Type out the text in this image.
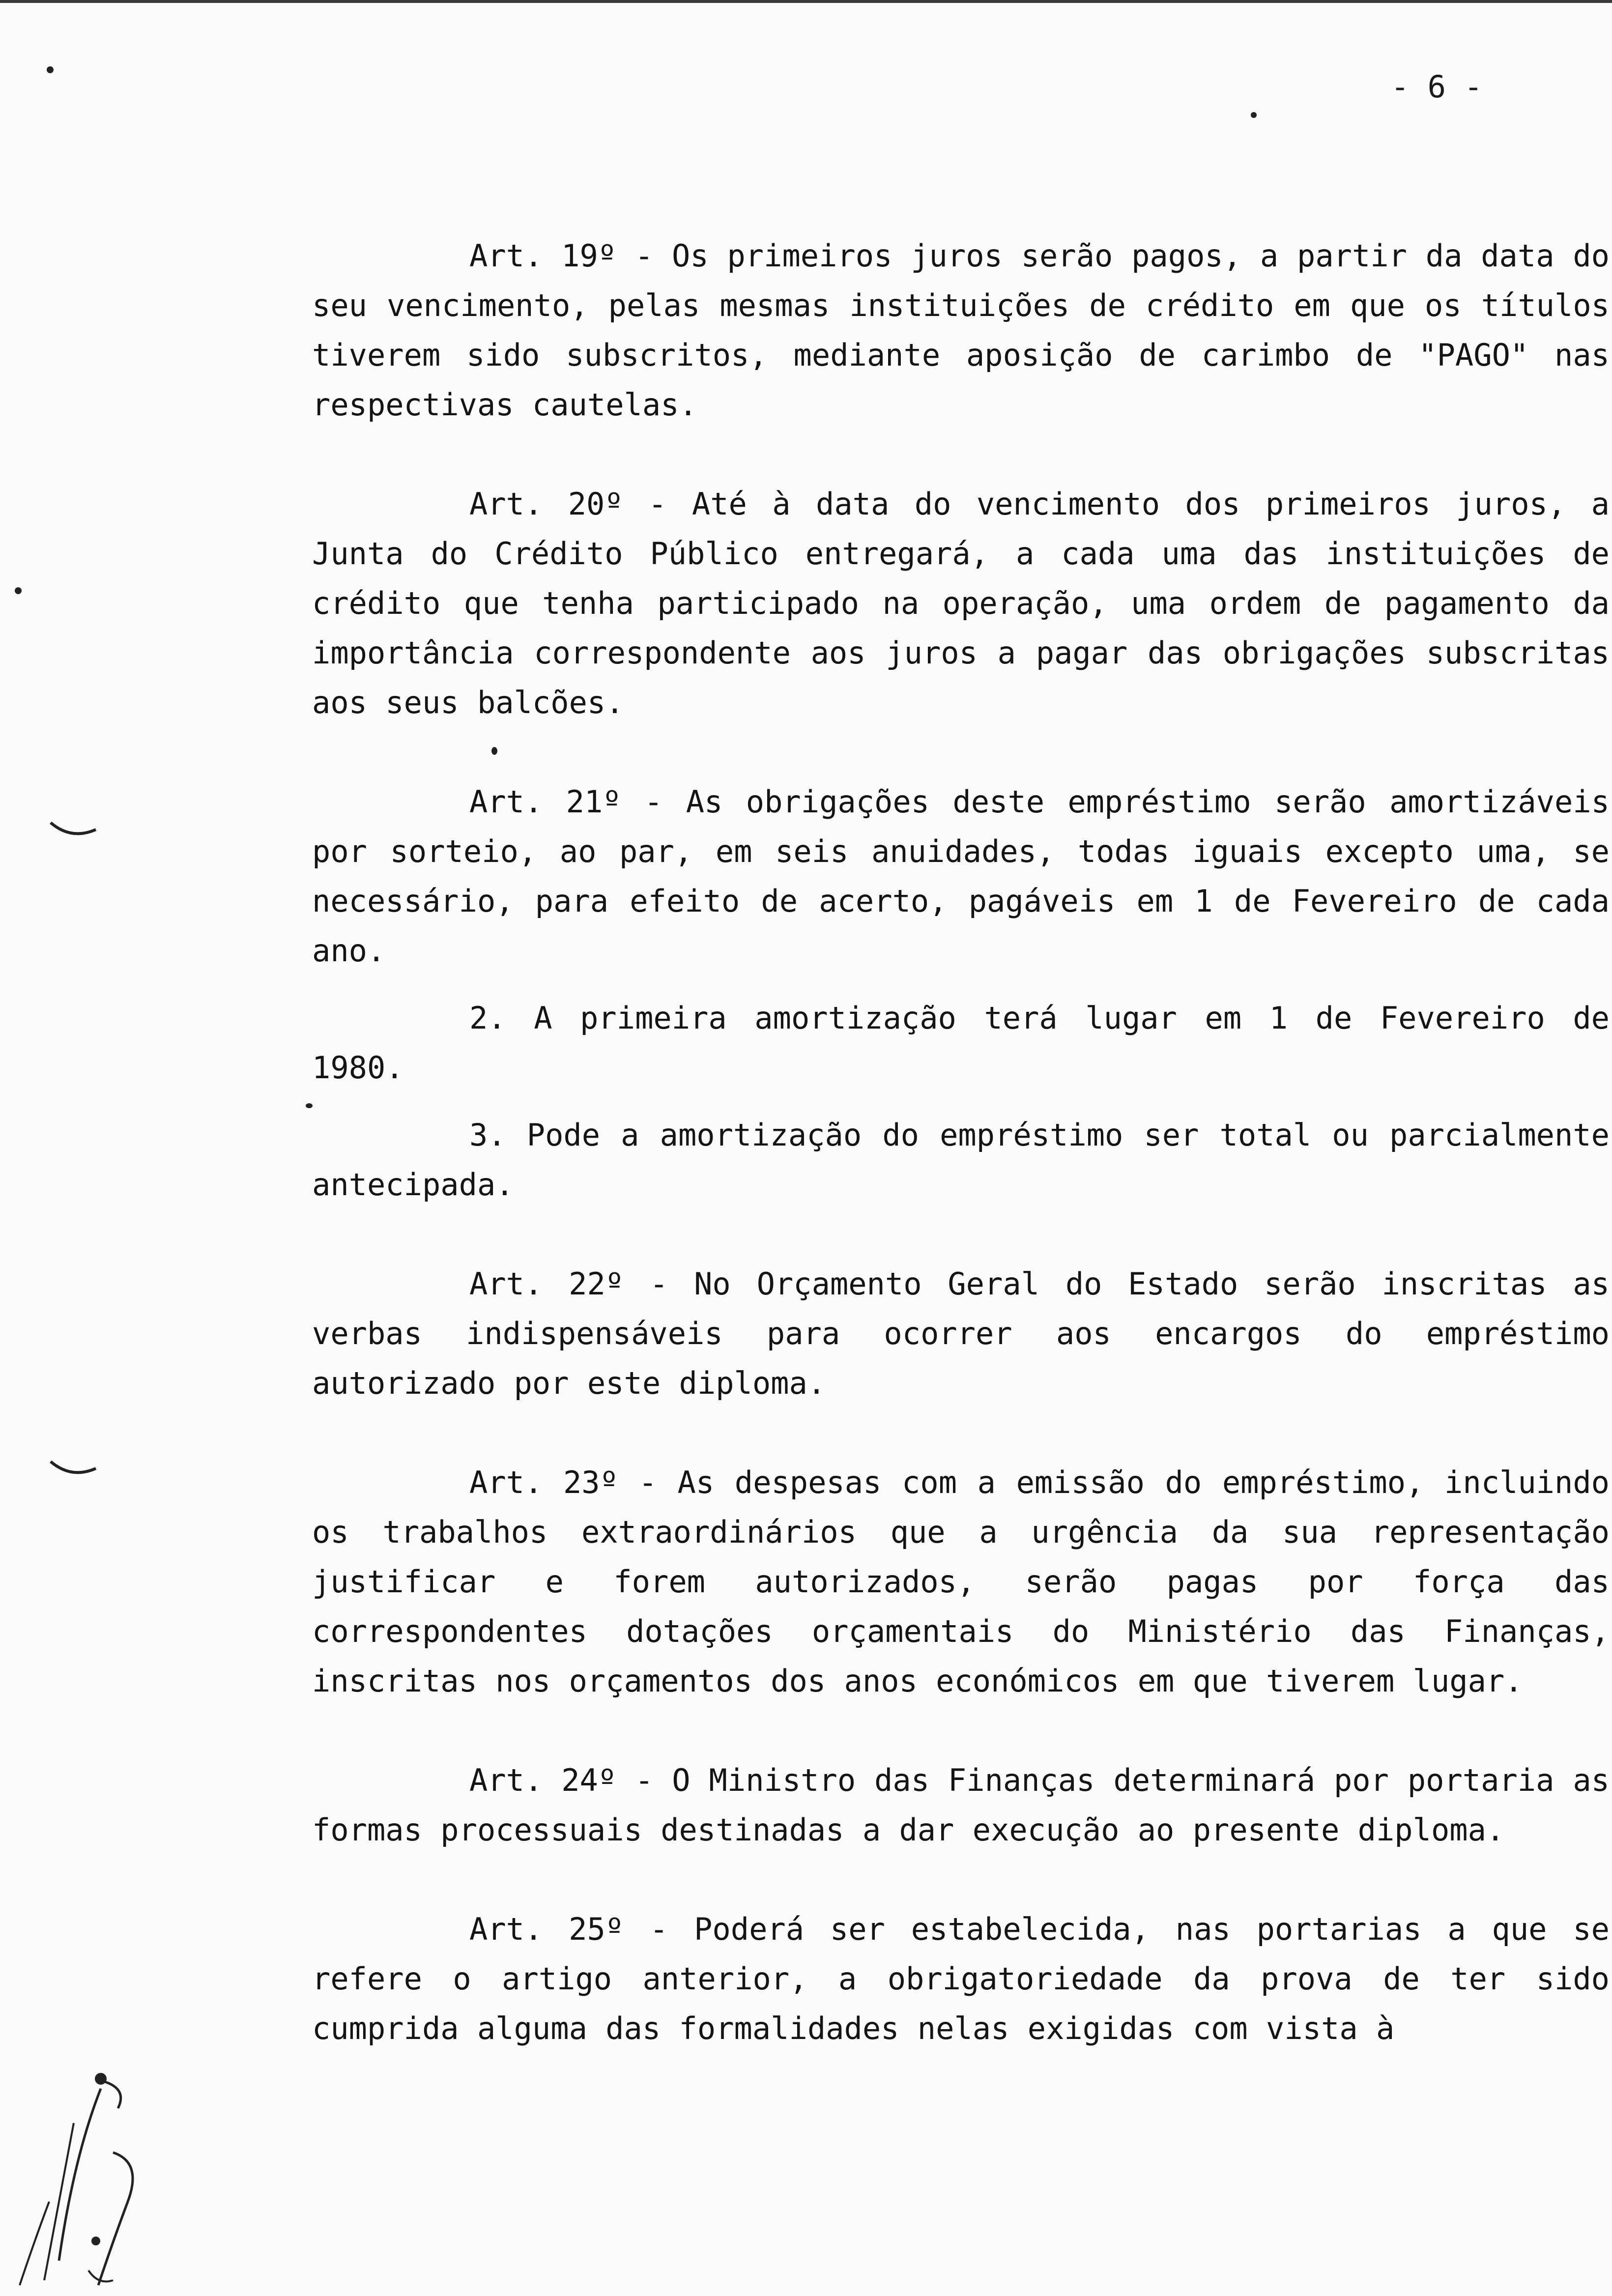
- 6 -

Art. 19º - Os primeiros juros serão pagos, a partir da data do seu vencimento, pelas mesmas instituições de crédito em que os títulos tiverem sido subscritos, mediante aposição de carimbo de "PAGO" nas respectivas cautelas.

Art. 20º - Até à data do vencimento dos primeiros juros, a Junta do Crédito Público entregará, a cada uma das instituições de crédito que tenha participado na operação, uma ordem de pagamento da importância correspondente aos juros a pagar das obrigações subscritas aos seus balcões.

Art. 21º - As obrigações deste empréstimo serão amortizáveis por sorteio, ao par, em seis anuidades, todas iguais excepto uma, se necessário, para efeito de acerto, pagáveis em 1 de Fevereiro de cada ano.

2. A primeira amortização terá lugar em 1 de Fevereiro de 1980.

3. Pode a amortização do empréstimo ser total ou parcialmente antecipada.

Art. 22º - No Orçamento Geral do Estado serão inscritas as verbas indispensáveis para ocorrer aos encargos do empréstimo autorizado por este diploma.

Art. 23º - As despesas com a emissão do empréstimo, incluindo os trabalhos extraordinários que a urgência da sua representação justificar e forem autorizados, serão pagas por força das correspondentes dotações orçamentais do Ministério das Finanças, inscritas nos orçamentos dos anos económicos em que tiverem lugar.

Art. 24º - O Ministro das Finanças determinará por portaria as formas processuais destinadas a dar execução ao presente diploma.

Art. 25º - Poderá ser estabelecida, nas portarias a que se refere o artigo anterior, a obrigatoriedade da prova de ter sido cumprida alguma das formalidades nelas exigidas com vista à
